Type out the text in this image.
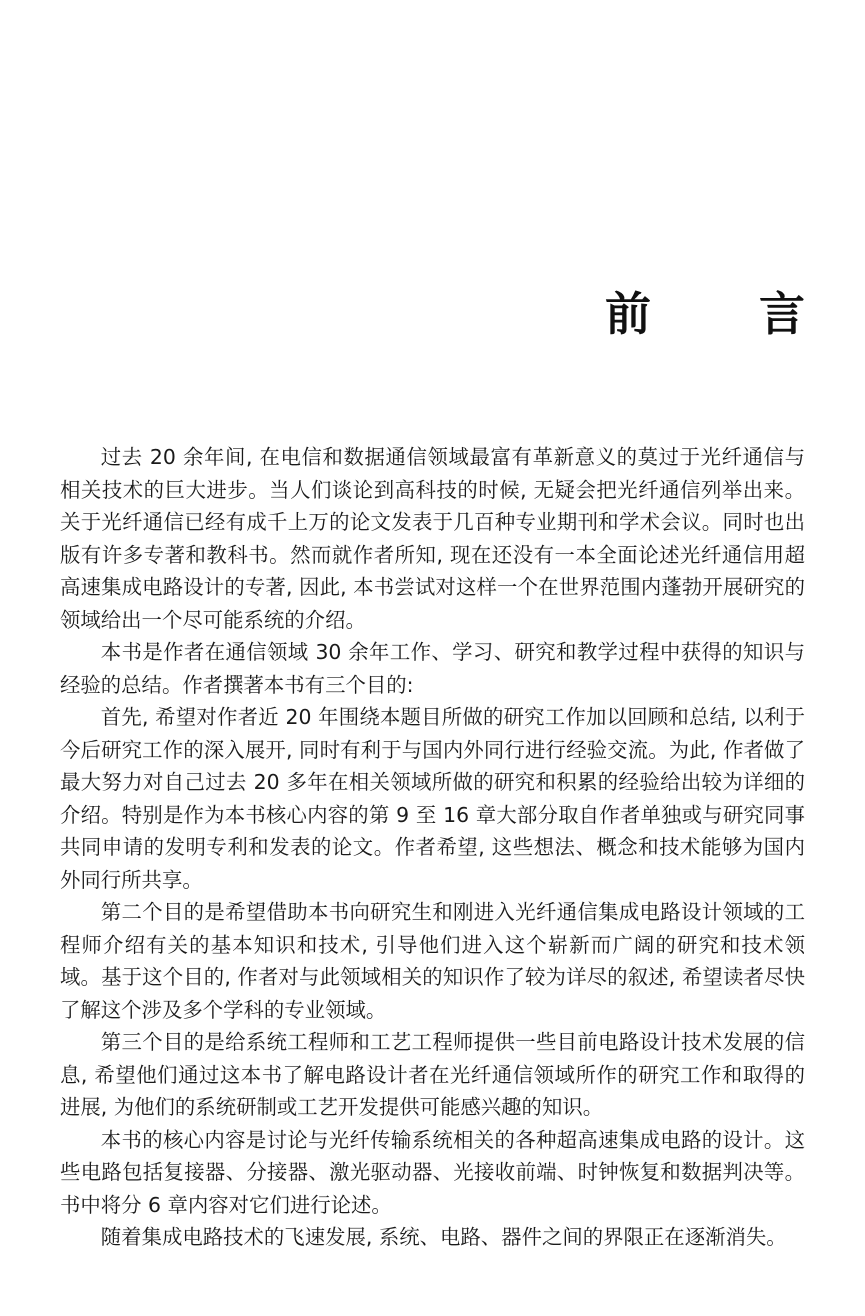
前 言

过去 20 余年间, 在电信和数据通信领域最富有革新意义的莫过于光纤通信与相关技术的巨大进步。当人们谈论到高科技的时候, 无疑会把光纤通信列举出来。关于光纤通信已经有成千上万的论文发表于几百种专业期刊和学术会议。同时也出版有许多专著和教科书。然而就作者所知, 现在还没有一本全面论述光纤通信用超高速集成电路设计的专著, 因此, 本书尝试对这样一个在世界范围内蓬勃开展研究的领域给出一个尽可能系统的介绍。

本书是作者在通信领域 30 余年工作、学习、研究和教学过程中获得的知识与经验的总结。作者撰著本书有三个目的:

首先, 希望对作者近 20 年围绕本题目所做的研究工作加以回顾和总结, 以利于今后研究工作的深入展开, 同时有利于与国内外同行进行经验交流。为此, 作者做了最大努力对自己过去 20 多年在相关领域所做的研究和积累的经验给出较为详细的介绍。特别是作为本书核心内容的第 9 至 16 章大部分取自作者单独或与研究同事共同申请的发明专利和发表的论文。作者希望, 这些想法、概念和技术能够为国内外同行所共享。

第二个目的是希望借助本书向研究生和刚进入光纤通信集成电路设计领域的工程师介绍有关的基本知识和技术, 引导他们进入这个崭新而广阔的研究和技术领域。基于这个目的, 作者对与此领域相关的知识作了较为详尽的叙述, 希望读者尽快了解这个涉及多个学科的专业领域。

第三个目的是给系统工程师和工艺工程师提供一些目前电路设计技术发展的信息, 希望他们通过这本书了解电路设计者在光纤通信领域所作的研究工作和取得的进展, 为他们的系统研制或工艺开发提供可能感兴趣的知识。

本书的核心内容是讨论与光纤传输系统相关的各种超高速集成电路的设计。这些电路包括复接器、分接器、激光驱动器、光接收前端、时钟恢复和数据判决等。书中将分 6 章内容对它们进行论述。

随着集成电路技术的飞速发展, 系统、电路、器件之间的界限正在逐渐消失。
